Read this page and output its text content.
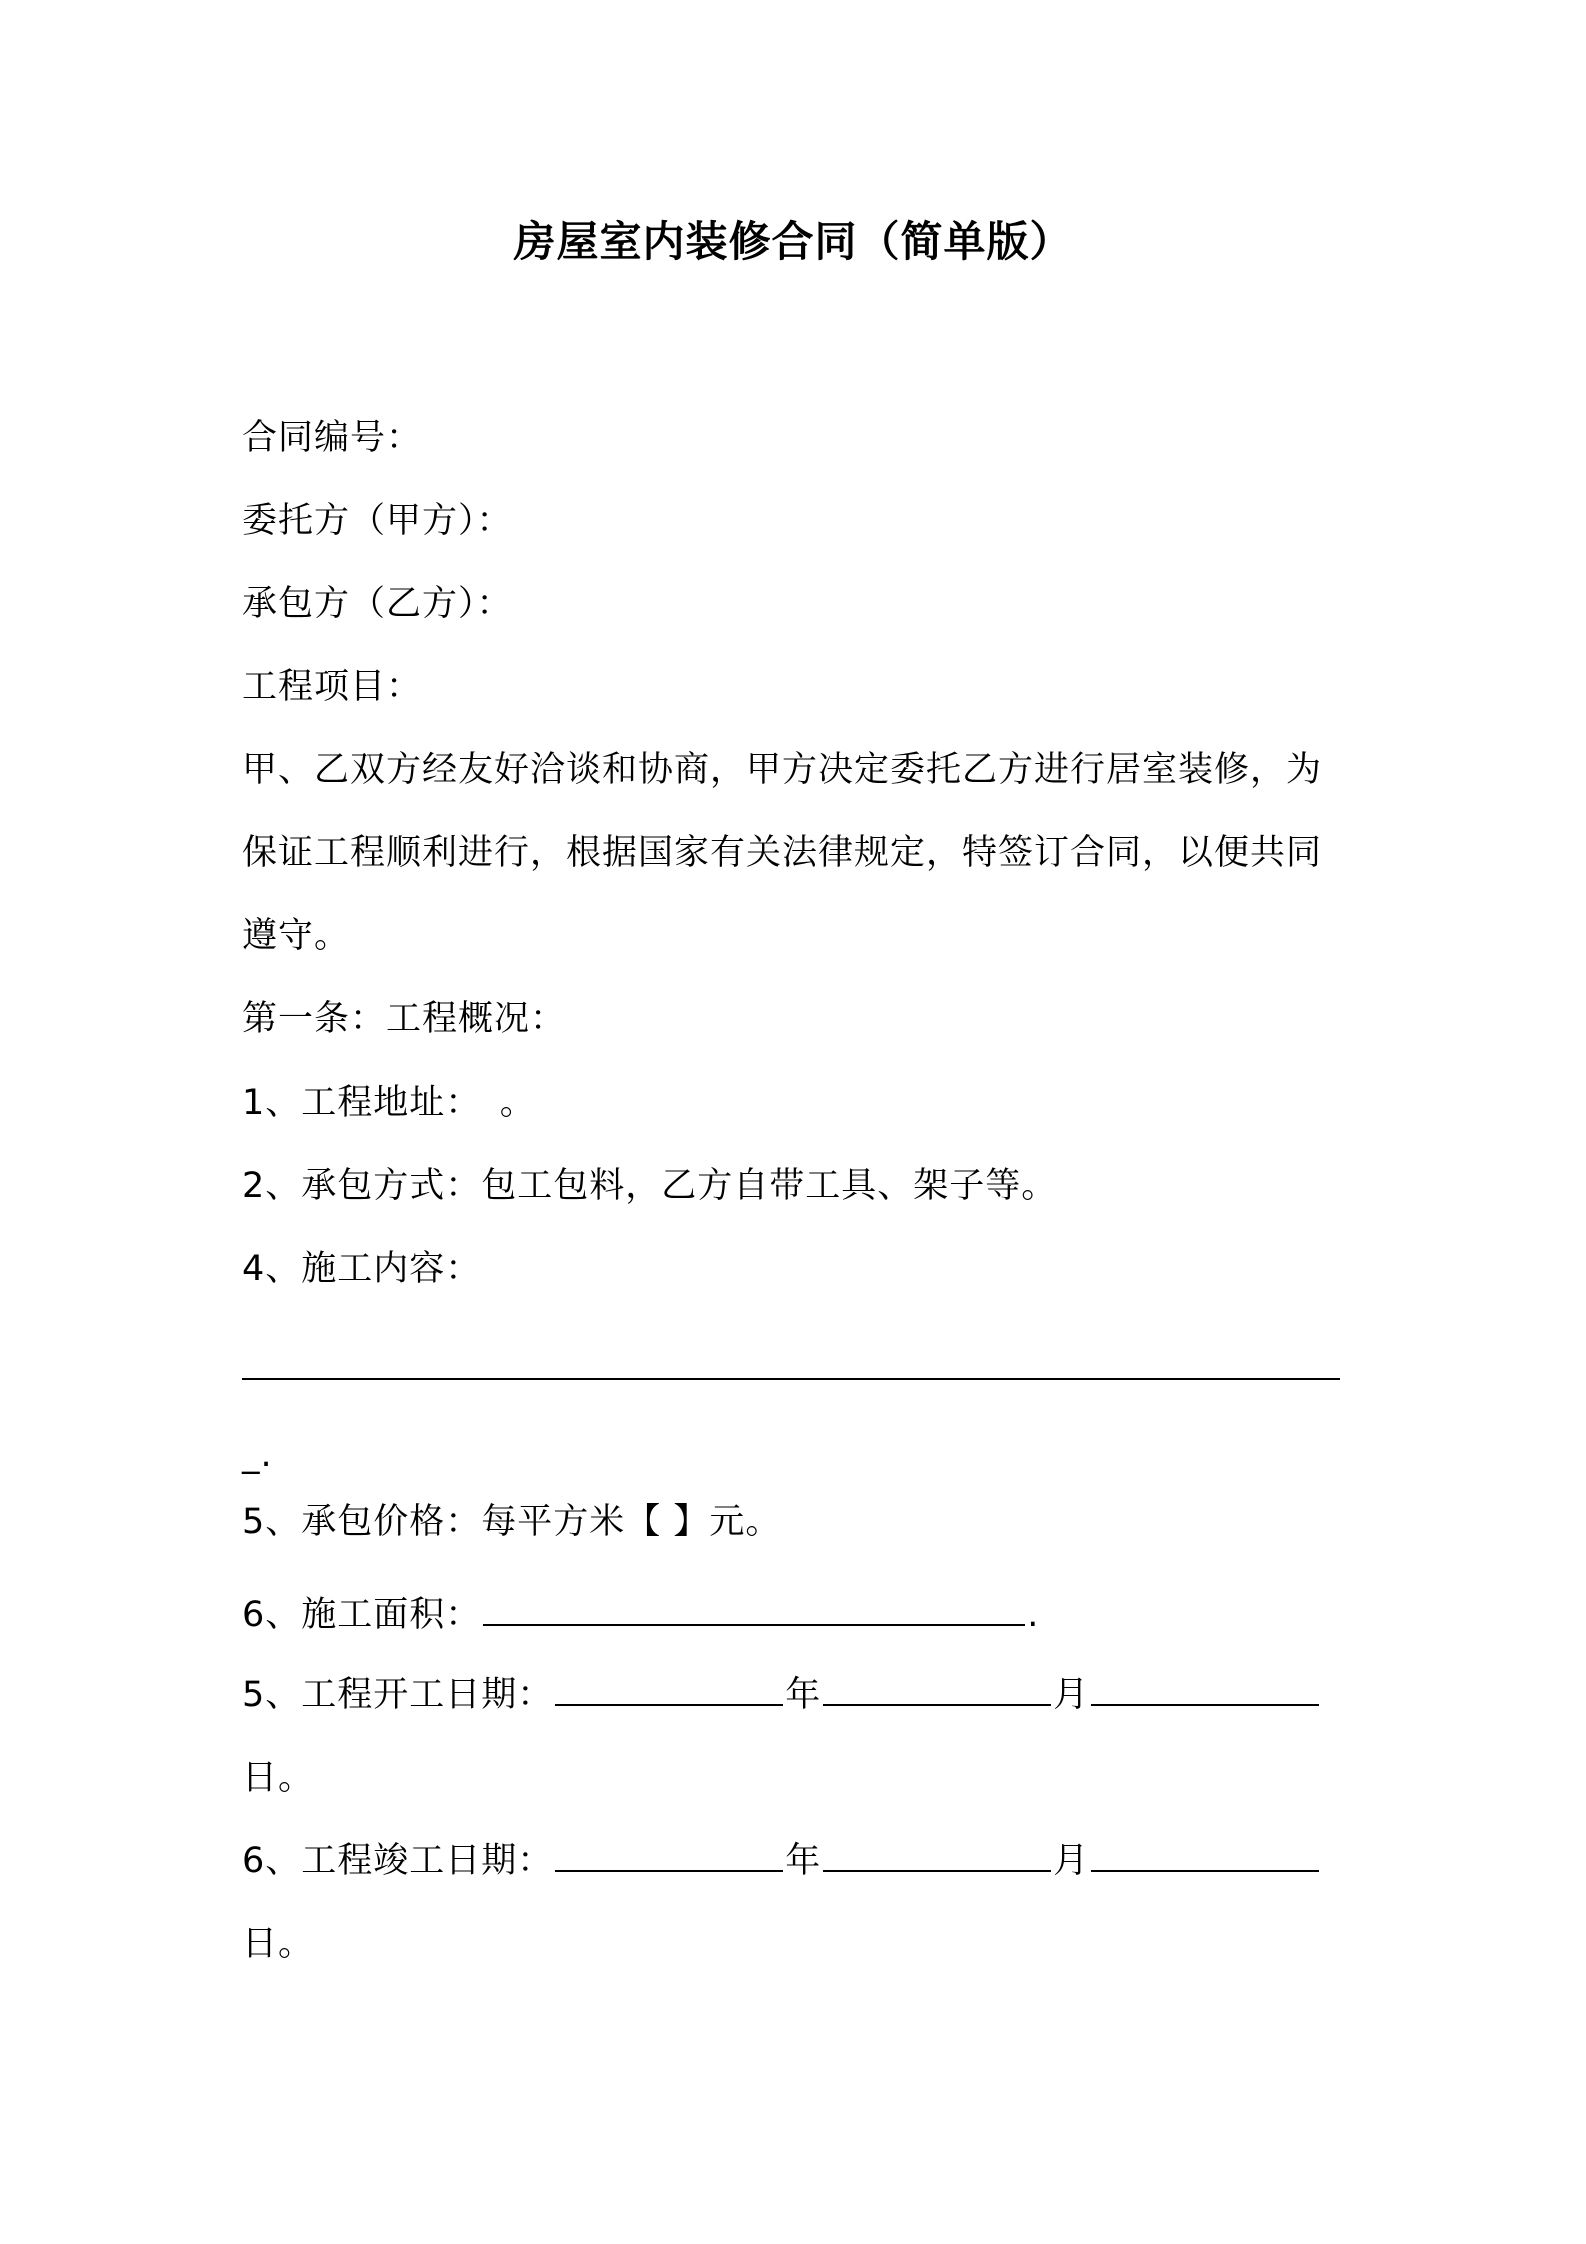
房屋室内装修合同（简单版）
合同编号：
委托方（甲方）：
承包方（乙方）：
工程项目：
甲、乙双方经友好洽谈和协商，甲方决定委托乙方进行居室装修，为
保证工程顺利进行，根据国家有关法律规定，特签订合同，以便共同
遵守。
第一条：工程概况：
1、工程地址：　。
2、承包方式：包工包料，乙方自带工具、架子等。
4、施工内容：
_.
5、承包价格：每平方米【 】元。
6、施工面积：	.
5、工程开工日期：	年	月
日。
6、工程竣工日期：	年	月
日。
